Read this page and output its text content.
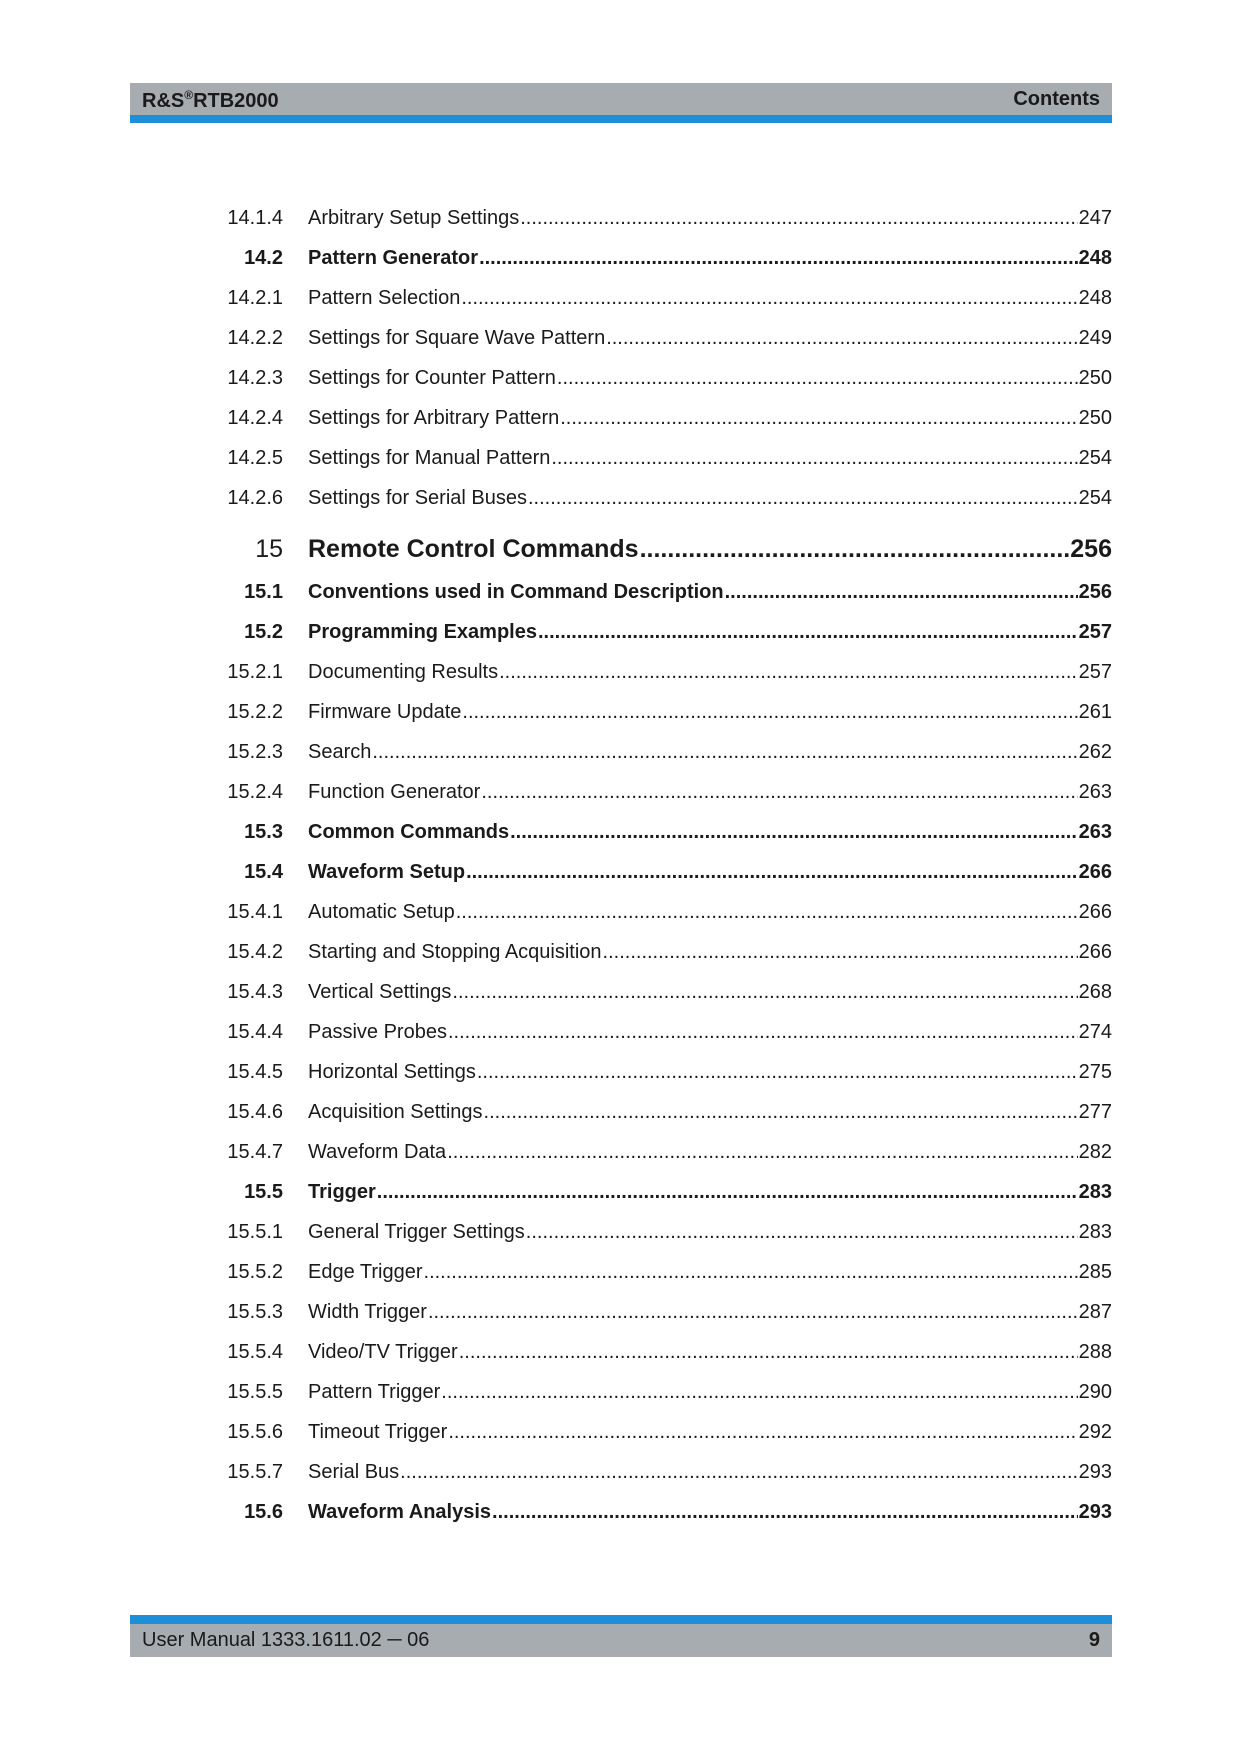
R&S®RTB2000	Contents
14.1.4 Arbitrary Setup Settings .....	247
14.2 Pattern Generator .....	248
14.2.1 Pattern Selection .....	248
14.2.2 Settings for Square Wave Pattern .....	249
14.2.3 Settings for Counter Pattern .....	250
14.2.4 Settings for Arbitrary Pattern .....	250
14.2.5 Settings for Manual Pattern .....	254
14.2.6 Settings for Serial Buses .....	254
15 Remote Control Commands .....	256
15.1 Conventions used in Command Description .....	256
15.2 Programming Examples .....	257
15.2.1 Documenting Results .....	257
15.2.2 Firmware Update .....	261
15.2.3 Search .....	262
15.2.4 Function Generator .....	263
15.3 Common Commands .....	263
15.4 Waveform Setup .....	266
15.4.1 Automatic Setup .....	266
15.4.2 Starting and Stopping Acquisition .....	266
15.4.3 Vertical Settings .....	268
15.4.4 Passive Probes .....	274
15.4.5 Horizontal Settings .....	275
15.4.6 Acquisition Settings .....	277
15.4.7 Waveform Data .....	282
15.5 Trigger .....	283
15.5.1 General Trigger Settings .....	283
15.5.2 Edge Trigger .....	285
15.5.3 Width Trigger .....	287
15.5.4 Video/TV Trigger .....	288
15.5.5 Pattern Trigger .....	290
15.5.6 Timeout Trigger .....	292
15.5.7 Serial Bus .....	293
15.6 Waveform Analysis .....	293
User Manual 1333.1611.02 ─ 06	9
